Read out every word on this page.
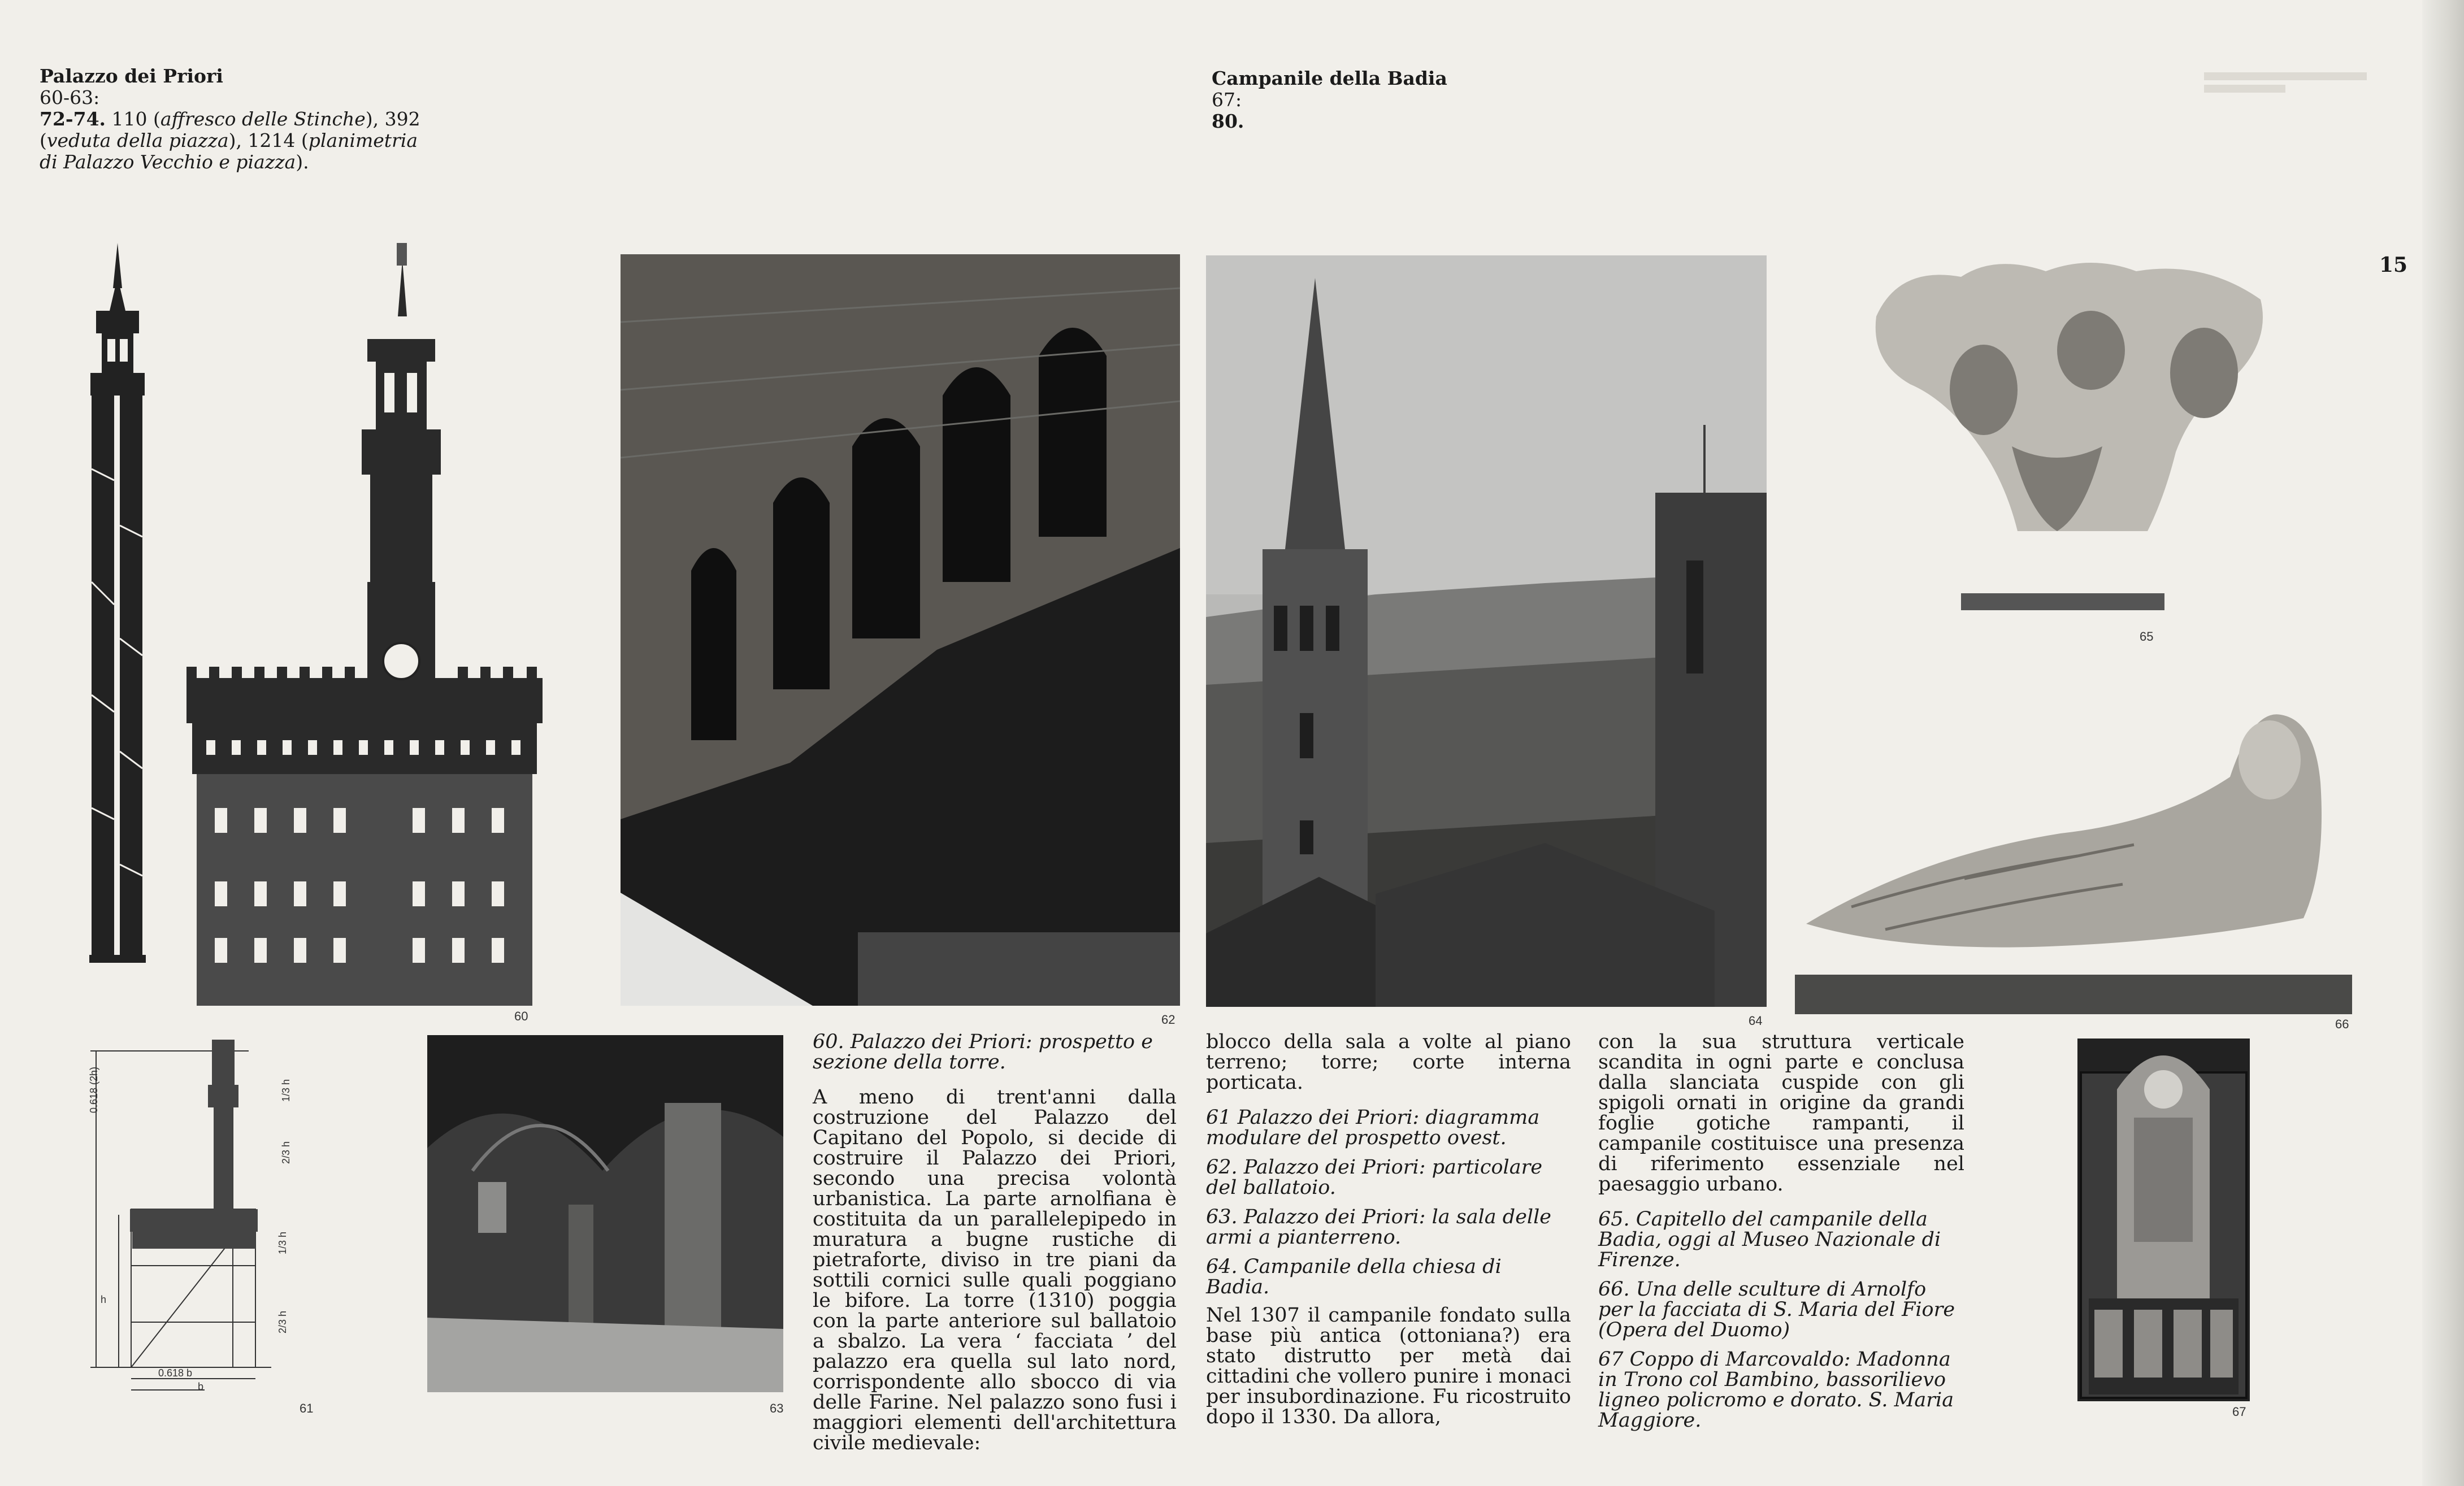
Palazzo dei Priori
60-63:
72-74. 110 (affresco delle Stinche), 392
(veduta della piazza), 1214 (planimetria
di Palazzo Vecchio e piazza).
Campanile della Badia
67:
80.
15
60	62	64
65
66
0.618 (2h)
h
1/3 h
2/3 h
1/3 h
2/3 h
0.618 b
b
61	63	67

60. Palazzo dei Priori: prospetto e sezione della torre.

A meno di trent'anni dalla costruzione del Palazzo del Capitano del Popolo, si decide di costruire il Palazzo dei Priori, secondo una precisa volontà urbanistica. La parte arnolfiana è costituita da un parallelepipedo in muratura a bugne rustiche di pietraforte, diviso in tre piani da sottili cornici sulle quali poggiano le bifore. La torre (1310) poggia con la parte anteriore sul ballatoio a sbalzo. La vera ‘ facciata ’ del palazzo era quella sul lato nord, corrispondente allo sbocco di via delle Farine. Nel palazzo sono fusi i maggiori elementi dell'architettura civile medievale:

blocco della sala a volte al piano terreno; torre; corte interna porticata.

61 Palazzo dei Priori: diagramma modulare del prospetto ovest.

62. Palazzo dei Priori: particolare del ballatoio.

63. Palazzo dei Priori: la sala delle armi a pianterreno.

64. Campanile della chiesa di Badia.

Nel 1307 il campanile fondato sulla base più antica (ottoniana?) era stato distrutto per metà dai cittadini che vollero punire i monaci per insubordinazione. Fu ricostruito dopo il 1330. Da allora,

con la sua struttura verticale scandita in ogni parte e conclusa dalla slanciata cuspide con gli spigoli ornati in origine da grandi foglie gotiche rampanti, il campanile costituisce una presenza di riferimento essenziale nel paesaggio urbano.

65. Capitello del campanile della Badia, oggi al Museo Nazionale di Firenze.

66. Una delle sculture di Arnolfo per la facciata di S. Maria del Fiore (Opera del Duomo)

67 Coppo di Marcovaldo: Madonna in Trono col Bambino, bassorilievo ligneo policromo e dorato. S. Maria Maggiore.
